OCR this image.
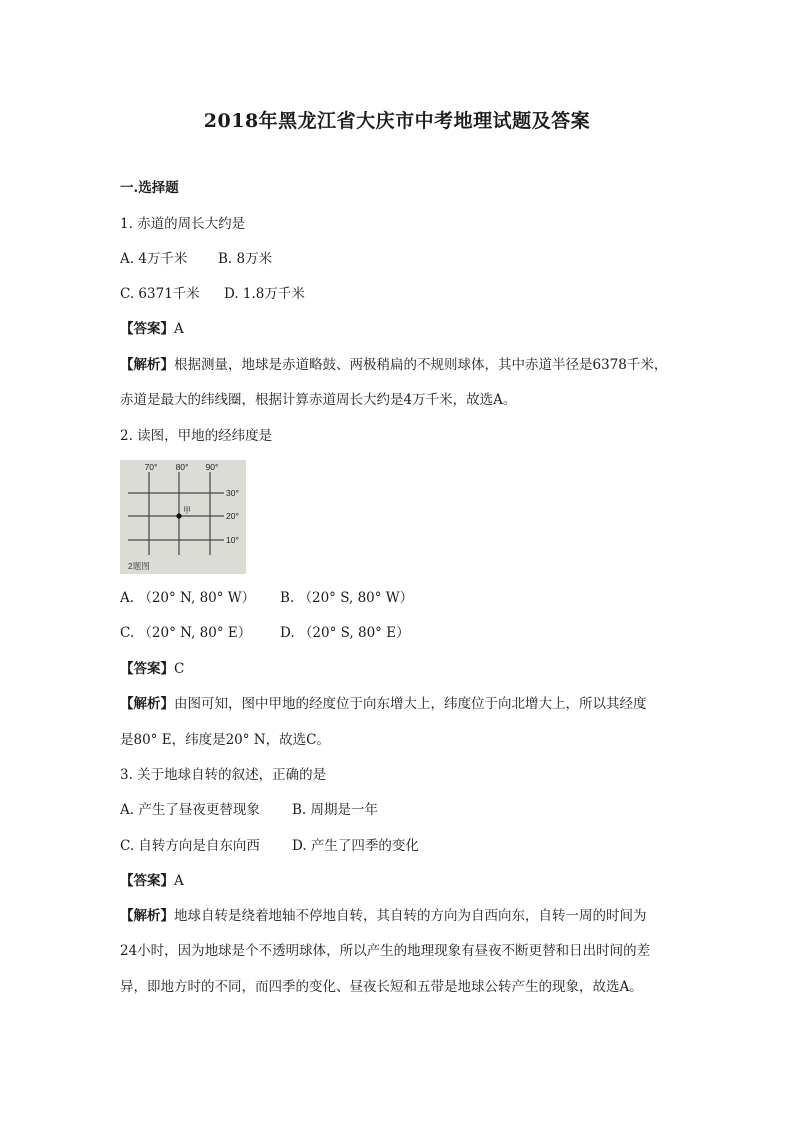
2018年黑龙江省大庆市中考地理试题及答案
一.选择题
1. 赤道的周长大约是
A. 4万千米 B. 8万米
C. 6371千米 D. 1.8万千米
【答案】A
【解析】根据测量，地球是赤道略鼓、两极稍扁的不规则球体，其中赤道半径是6378千米，
赤道是最大的纬线圈，根据计算赤道周长大约是4万千米，故选A。
2. 读图，甲地的经纬度是
70° 80° 90°
30°
20°
10°
甲
2题图
A. （20° N, 80° W） B. （20° S, 80° W）
C. （20° N, 80° E） D. （20° S, 80° E）
【答案】C
【解析】由图可知，图中甲地的经度位于向东增大上，纬度位于向北增大上，所以其经度
是80° E，纬度是20° N，故选C。
3. 关于地球自转的叙述，正确的是
A. 产生了昼夜更替现象 B. 周期是一年
C. 自转方向是自东向西 D. 产生了四季的变化
【答案】A
【解析】地球自转是绕着地轴不停地自转，其自转的方向为自西向东，自转一周的时间为
24小时，因为地球是个不透明球体，所以产生的地理现象有昼夜不断更替和日出时间的差
异，即地方时的不同，而四季的变化、昼夜长短和五带是地球公转产生的现象，故选A。
